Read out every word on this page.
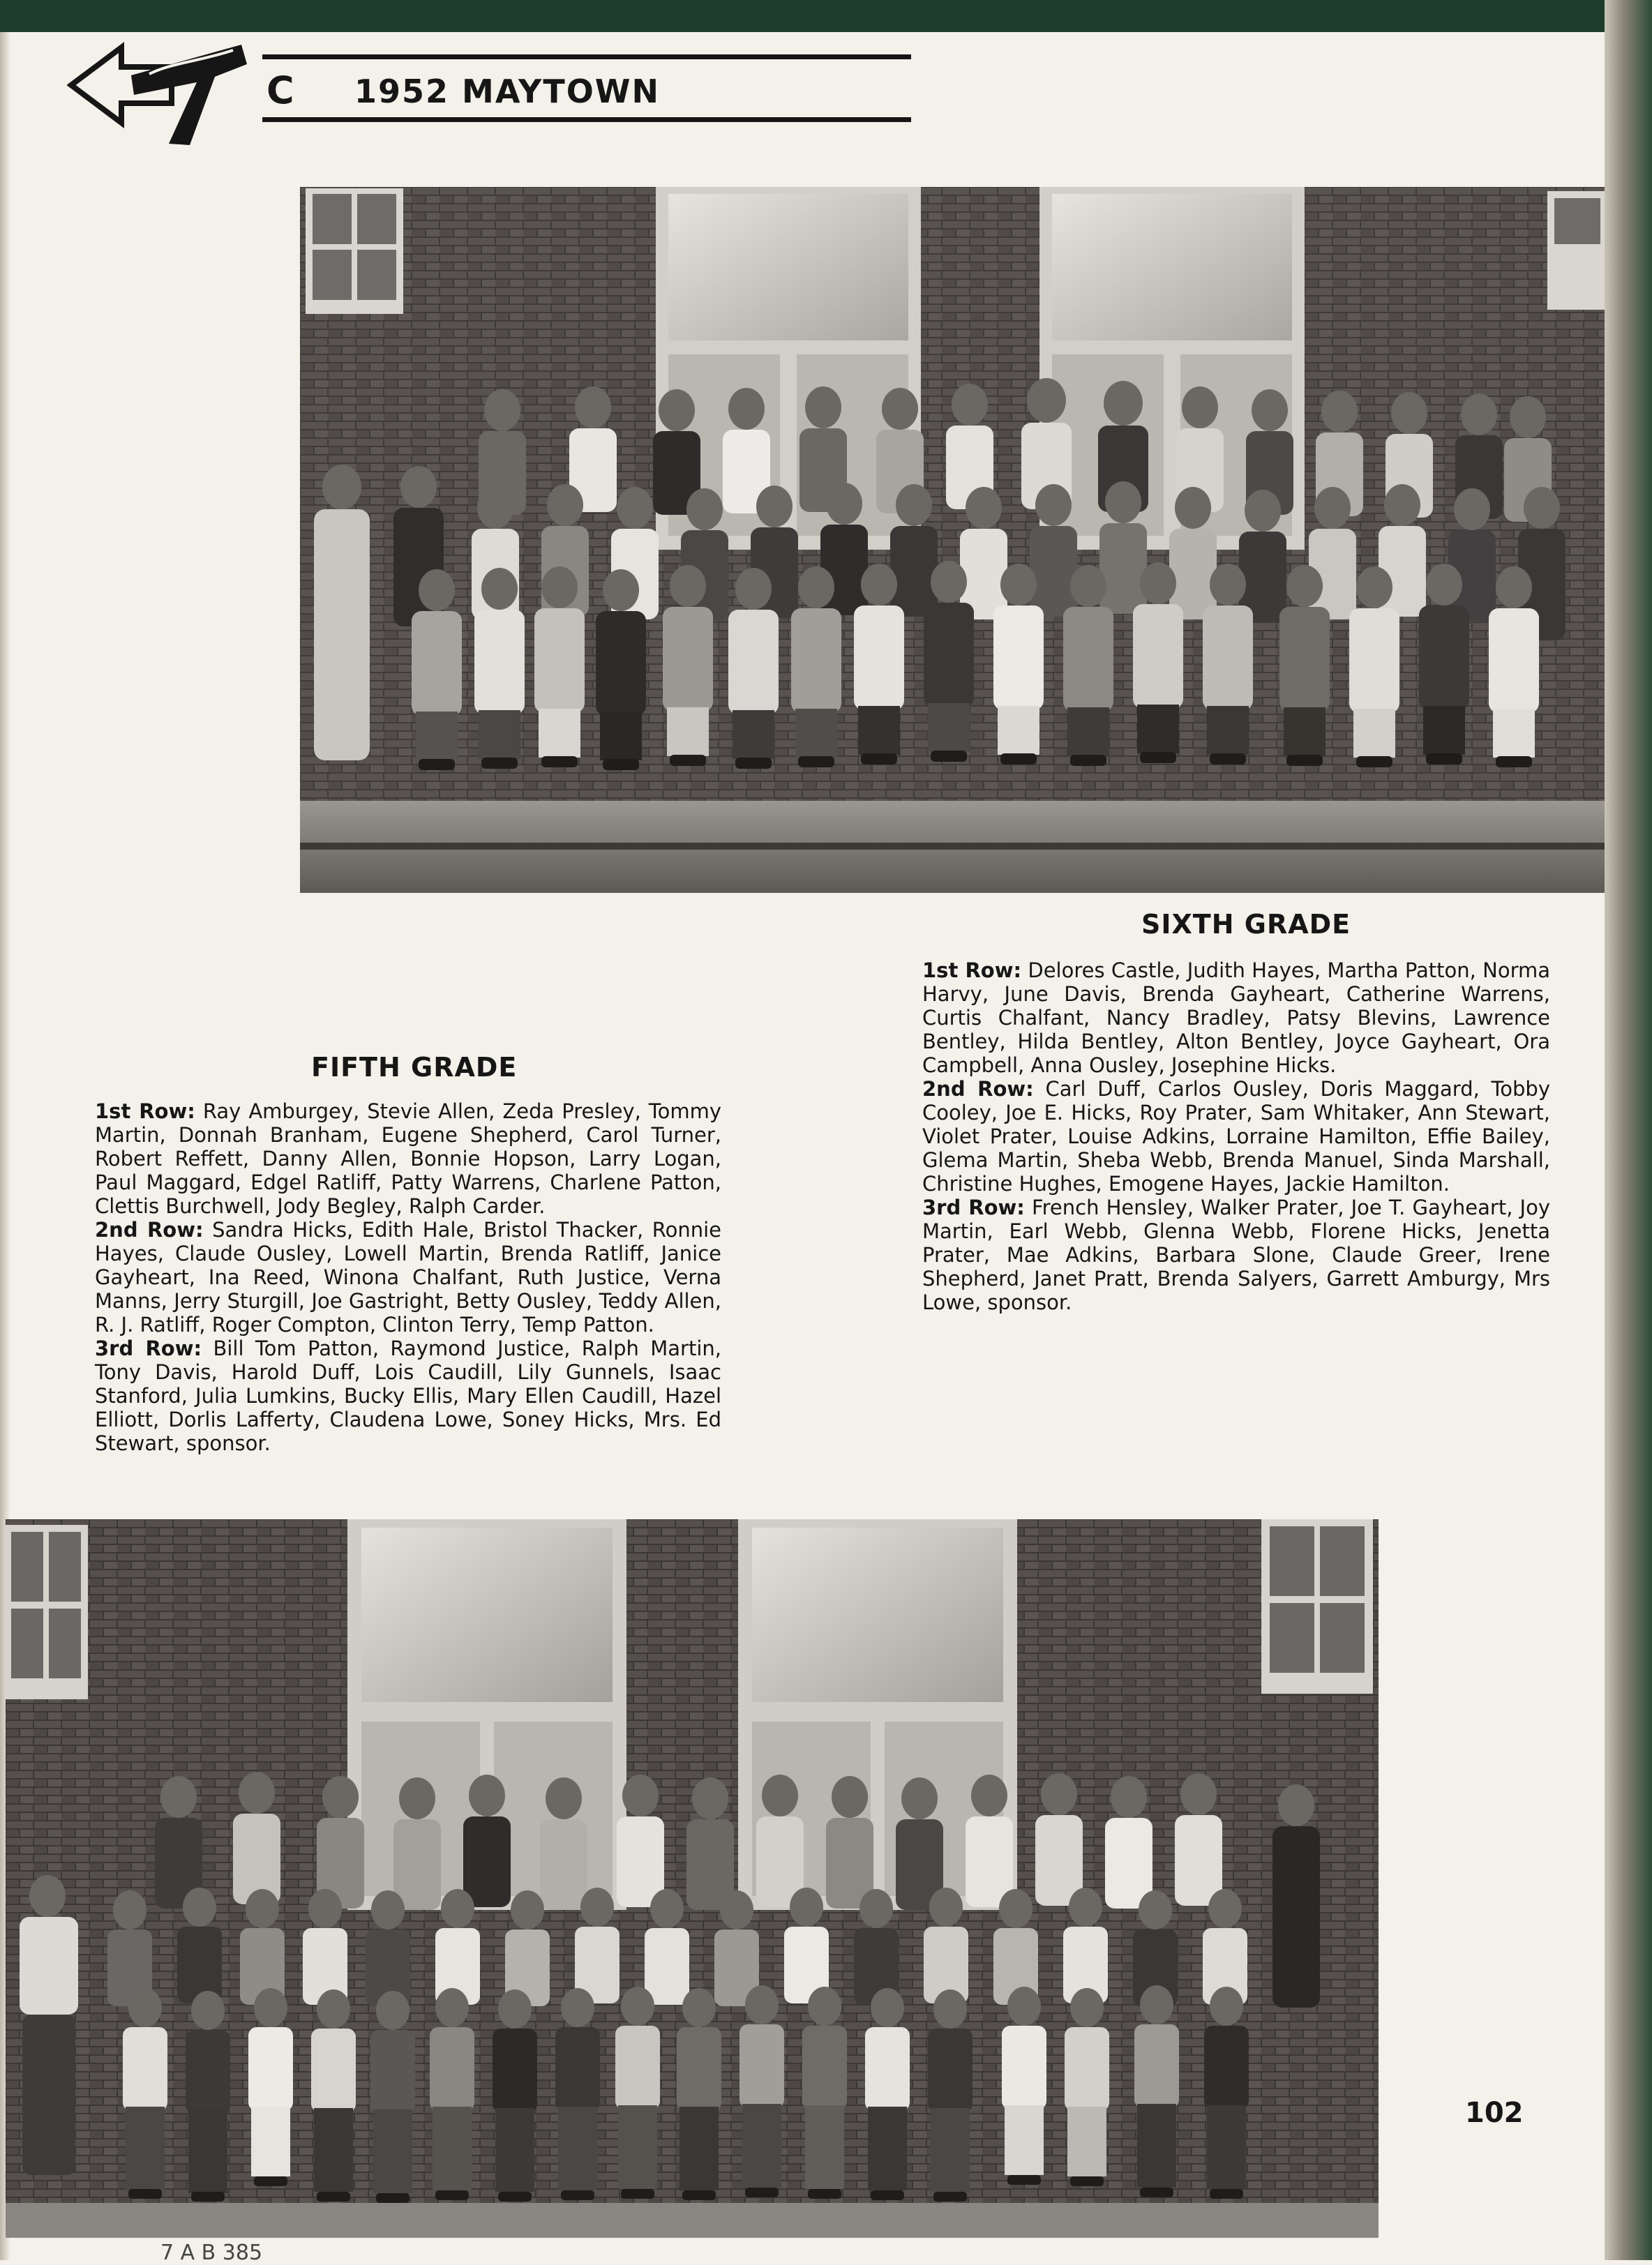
C 1952 MAYTOWN
SIXTH GRADE

1st Row: Delores Castle, Judith Hayes, Martha Patton, Norma Harvy, June Davis, Brenda Gayheart, Catherine Warrens, Curtis Chalfant, Nancy Bradley, Patsy Blevins, Lawrence Bentley, Hilda Bentley, Alton Bentley, Joyce Gayheart, Ora Campbell, Anna Ousley, Josephine Hicks.

2nd Row: Carl Duff, Carlos Ousley, Doris Maggard, Tobby Cooley, Joe E. Hicks, Roy Prater, Sam Whitaker, Ann Stewart, Violet Prater, Louise Adkins, Lorraine Hamilton, Effie Bailey, Glema Martin, Sheba Webb, Brenda Manuel, Sinda Marshall, Christine Hughes, Emogene Hayes, Jackie Hamilton.

3rd Row: French Hensley, Walker Prater, Joe T. Gayheart, Joy Martin, Earl Webb, Glenna Webb, Florene Hicks, Jenetta Prater, Mae Adkins, Barbara Slone, Claude Greer, Irene Shepherd, Janet Pratt, Brenda Salyers, Garrett Amburgy, Mrs Lowe, sponsor.

FIFTH GRADE

1st Row: Ray Amburgey, Stevie Allen, Zeda Presley, Tommy Martin, Donnah Branham, Eugene Shepherd, Carol Turner, Robert Reffett, Danny Allen, Bonnie Hopson, Larry Logan, Paul Maggard, Edgel Ratliff, Patty Warrens, Charlene Patton, Clettis Burchwell, Jody Begley, Ralph Carder.

2nd Row: Sandra Hicks, Edith Hale, Bristol Thacker, Ronnie Hayes, Claude Ousley, Lowell Martin, Brenda Ratliff, Janice Gayheart, Ina Reed, Winona Chalfant, Ruth Justice, Verna Manns, Jerry Sturgill, Joe Gastright, Betty Ousley, Teddy Allen, R. J. Ratliff, Roger Compton, Clinton Terry, Temp Patton.

3rd Row: Bill Tom Patton, Raymond Justice, Ralph Martin, Tony Davis, Harold Duff, Lois Caudill, Lily Gunnels, Isaac Stanford, Julia Lumkins, Bucky Ellis, Mary Ellen Caudill, Hazel Elliott, Dorlis Lafferty, Claudena Lowe, Soney Hicks, Mrs. Ed Stewart, sponsor.

102
7 A B 385
